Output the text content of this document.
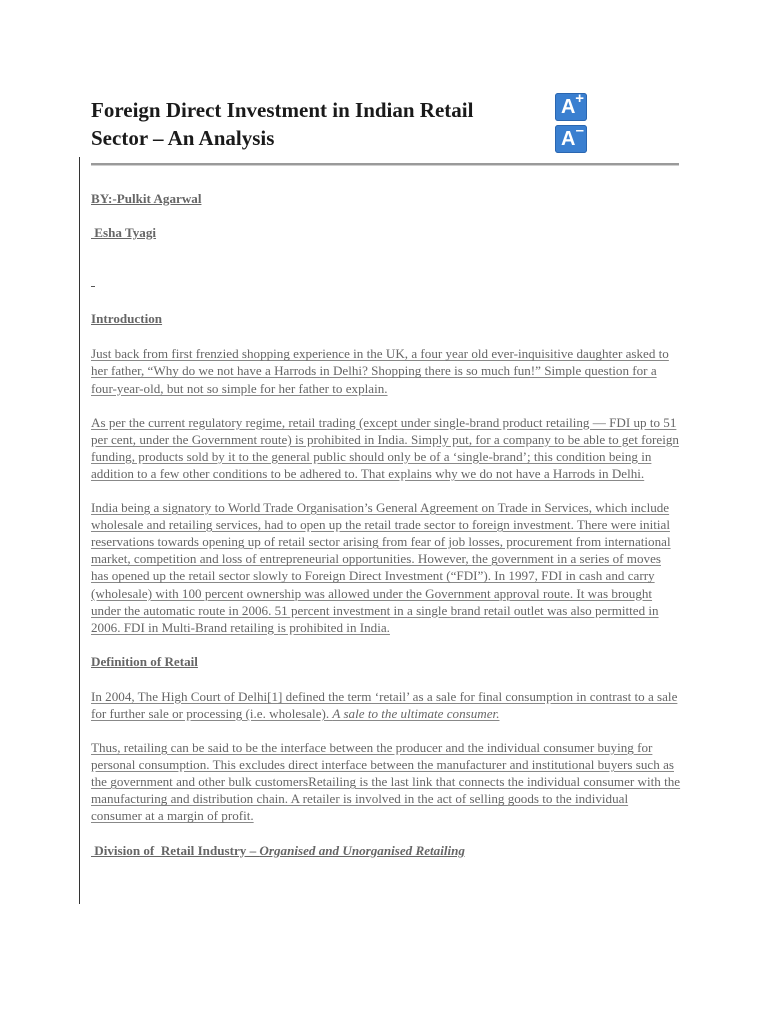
Foreign Direct Investment in Indian Retail
Sector – An Analysis
A +
A –

BY:-Pulkit Agarwal

Esha Tyagi

Introduction

Just back from first frenzied shopping experience in the UK, a four year old ever-inquisitive daughter asked to her father, “Why do we not have a Harrods in Delhi? Shopping there is so much fun!” Simple question for a four-year-old, but not so simple for her father to explain.

As per the current regulatory regime, retail trading (except under single-brand product retailing — FDI up to 51 per cent, under the Government route) is prohibited in India. Simply put, for a company to be able to get foreign funding, products sold by it to the general public should only be of a ‘single-brand’; this condition being in addition to a few other conditions to be adhered to. That explains why we do not have a Harrods in Delhi.

India being a signatory to World Trade Organisation’s General Agreement on Trade in Services, which include wholesale and retailing services, had to open up the retail trade sector to foreign investment. There were initial reservations towards opening up of retail sector arising from fear of job losses, procurement from international market, competition and loss of entrepreneurial opportunities. However, the government in a series of moves has opened up the retail sector slowly to Foreign Direct Investment (“FDI”). In 1997, FDI in cash and carry (wholesale) with 100 percent ownership was allowed under the Government approval route. It was brought under the automatic route in 2006. 51 percent investment in a single brand retail outlet was also permitted in 2006. FDI in Multi-Brand retailing is prohibited in India.

Definition of Retail

In 2004, The High Court of Delhi[1] defined the term ‘retail’ as a sale for final consumption in contrast to a sale for further sale or processing (i.e. wholesale). A sale to the ultimate consumer.

Thus, retailing can be said to be the interface between the producer and the individual consumer buying for personal consumption. This excludes direct interface between the manufacturer and institutional buyers such as the government and other bulk customersRetailing is the last link that connects the individual consumer with the manufacturing and distribution chain. A retailer is involved in the act of selling goods to the individual consumer at a margin of profit.

Division of  Retail Industry – Organised and Unorganised Retailing
